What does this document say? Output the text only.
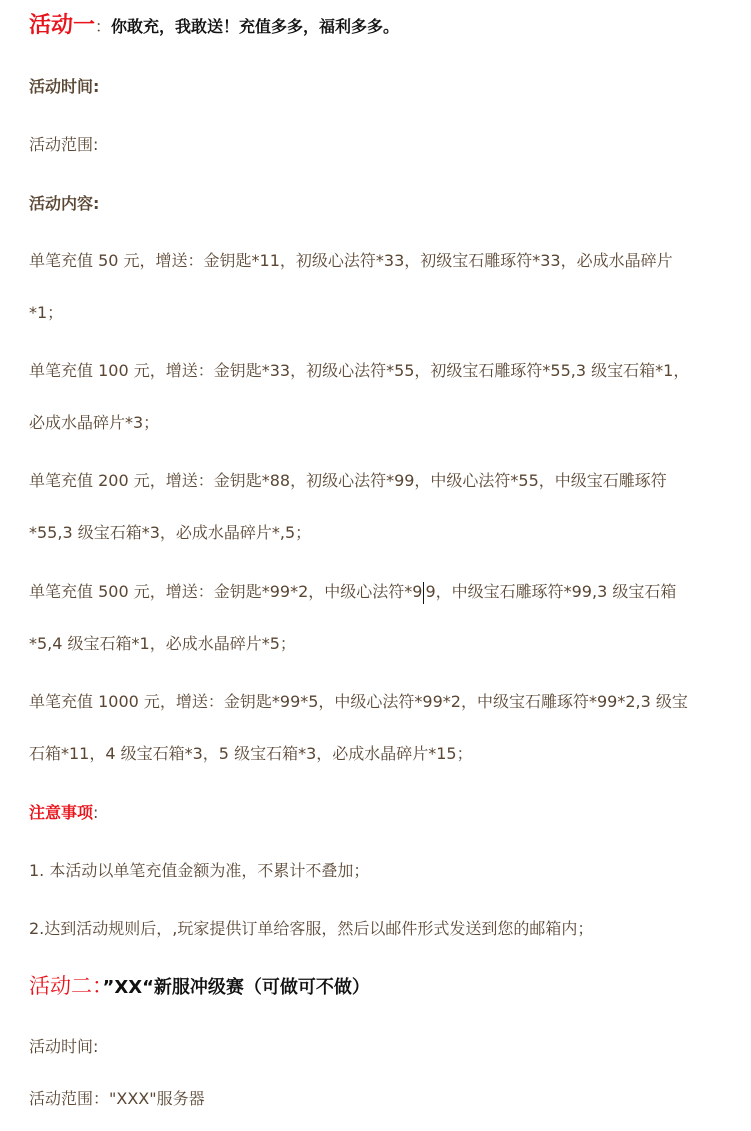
活动一：你敢充，我敢送！充值多多，福利多多。
活动时间:
活动范围:
活动内容:
单笔充值 50 元，增送：金钥匙*11，初级心法符*33，初级宝石雕琢符*33，必成水晶碎片
*1；
单笔充值 100 元，增送：金钥匙*33，初级心法符*55，初级宝石雕琢符*55,3 级宝石箱*1，
必成水晶碎片*3；
单笔充值 200 元，增送：金钥匙*88，初级心法符*99，中级心法符*55，中级宝石雕琢符
*55,3 级宝石箱*3，必成水晶碎片*,5；
单笔充值 500 元，增送：金钥匙*99*2，中级心法符*9 9，中级宝石雕琢符*99,3 级宝石箱
*5,4 级宝石箱*1，必成水晶碎片*5；
单笔充值 1000 元，增送：金钥匙*99*5，中级心法符*99*2，中级宝石雕琢符*99*2,3 级宝
石箱*11，4 级宝石箱*3，5 级宝石箱*3，必成水晶碎片*15；
注意事项:
1. 本活动以单笔充值金额为准，不累计不叠加；
2.达到活动规则后，,玩家提供订单给客服，然后以邮件形式发送到您的邮箱内；
活动二：”XX“新服冲级赛（可做可不做）
活动时间:
活动范围："XXX"服务器
